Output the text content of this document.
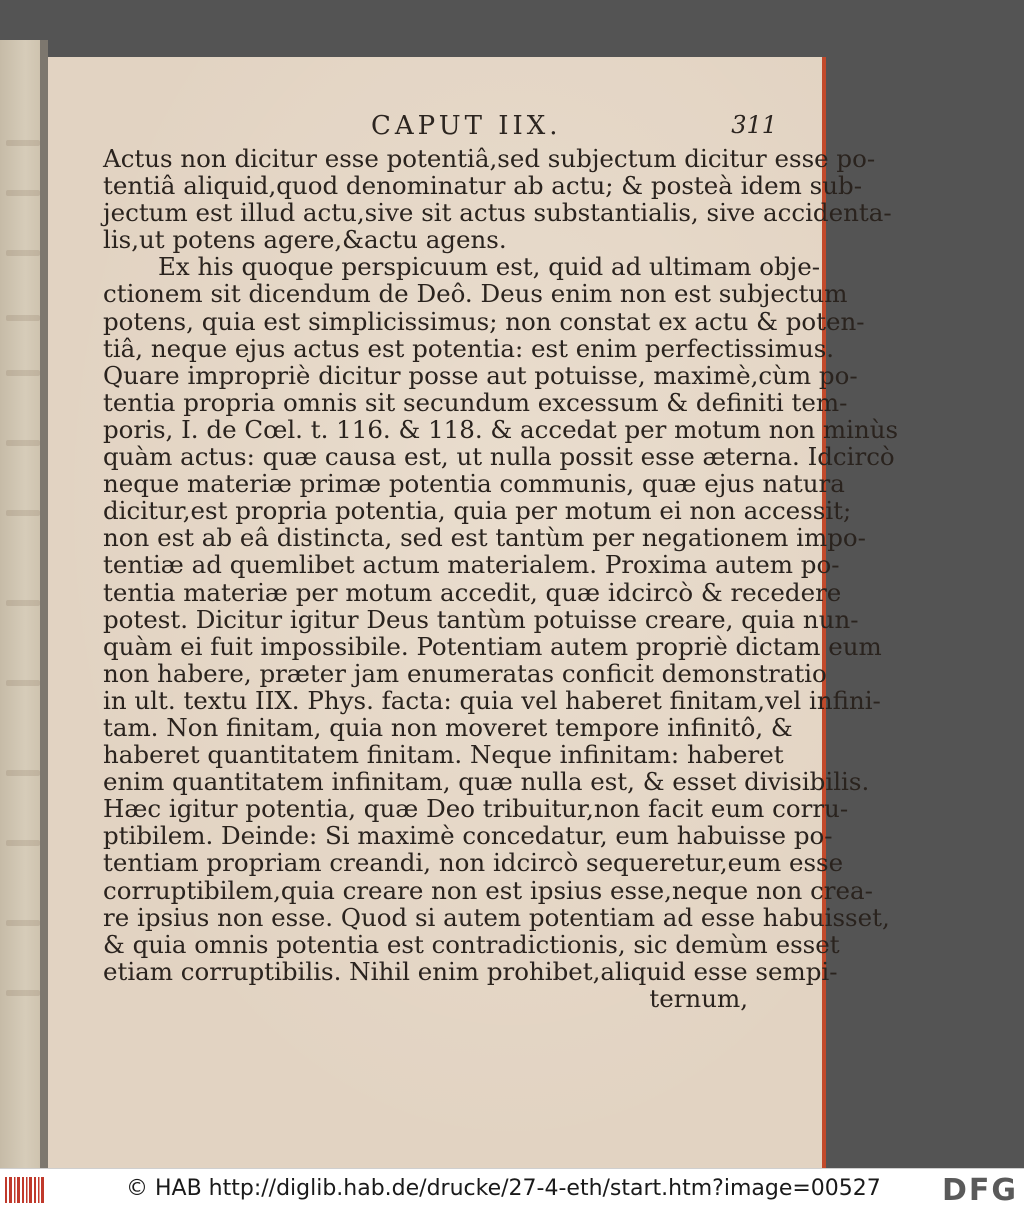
CAPUT IIX.	311
Actus non dicitur esse potentiâ,sed subjectum dicitur esse po-
tentiâ aliquid,quod denominatur ab actu; & posteà idem sub-
jectum est illud actu,sive sit actus substantialis, sive accidenta-
lis,ut potens agere,&actu agens.
Ex his quoque perspicuum est, quid ad ultimam obje-
ctionem sit dicendum de Deô. Deus enim non est subjectum
potens, quia est simplicissimus; non constat ex actu & poten-
tiâ, neque ejus actus est potentia: est enim perfectissimus.
Quare impropriè dicitur posse aut potuisse, maximè,cùm po-
tentia propria omnis sit secundum excessum & definiti tem-
poris, I. de Cœl. t. 116. & 118. & accedat per motum non minùs
quàm actus: quæ causa est, ut nulla possit esse æterna. Idcircò
neque materiæ primæ potentia communis, quæ ejus natura
dicitur,est propria potentia, quia per motum ei non accessit;
non est ab eâ distincta, sed est tantùm per negationem impo-
tentiæ ad quemlibet actum materialem. Proxima autem po-
tentia materiæ per motum accedit, quæ idcircò & recedere
potest. Dicitur igitur Deus tantùm potuisse creare, quia nun-
quàm ei fuit impossibile. Potentiam autem propriè dictam eum
non habere, præter jam enumeratas conficit demonstratio
in ult. textu IIX. Phys. facta: quia vel haberet finitam,vel infini-
tam. Non finitam, quia non moveret tempore infinitô, &
haberet quantitatem finitam. Neque infinitam: haberet
enim quantitatem infinitam, quæ nulla est, & esset divisibilis.
Hæc igitur potentia, quæ Deo tribuitur,non facit eum corru-
ptibilem. Deinde: Si maximè concedatur, eum habuisse po-
tentiam propriam creandi, non idcircò sequeretur,eum esse
corruptibilem,quia creare non est ipsius esse,neque non crea-
re ipsius non esse. Quod si autem potentiam ad esse habuisset,
& quia omnis potentia est contradictionis, sic demùm esset
etiam corruptibilis. Nihil enim prohibet,aliquid esse sempi-
ternum,
© HAB http://diglib.hab.de/drucke/27-4-eth/start.htm?image=00527 DFG
